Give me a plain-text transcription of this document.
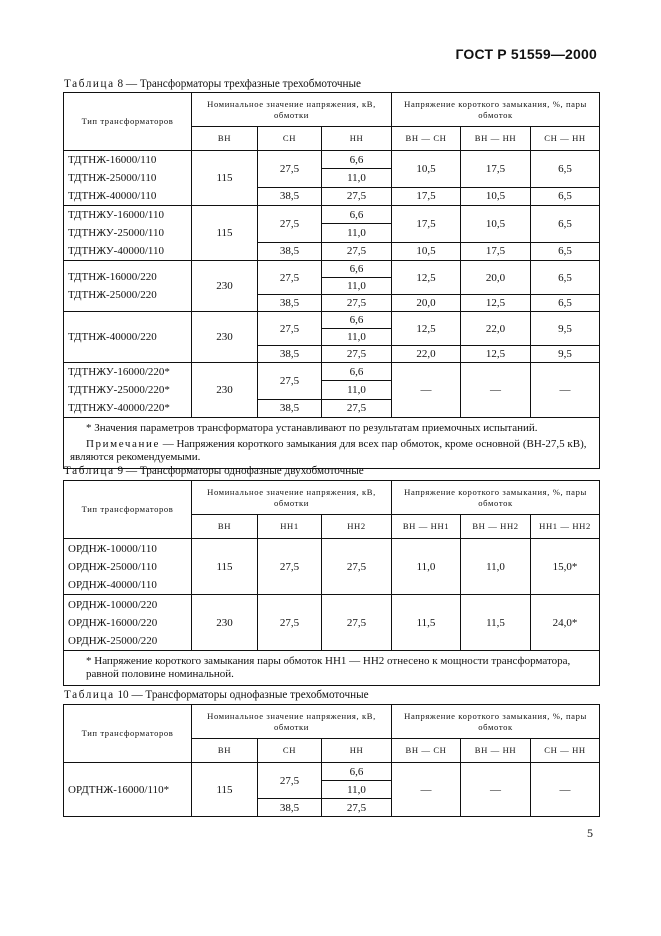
ГОСТ Р 51559—2000
Таблица 8 — Трансформаторы трехфазные трехобмоточные
Тип трансформаторов	Номинальное значение напряжения, кВ, обмотки			Напряжение короткого замыкания, %, пары обмоток		
	ВН	СН	НН	ВН — СН	ВН — НН	СН — НН

ТДТНЖ-16000/110
ТДТНЖ-25000/110
ТДТНЖ-40000/110	115	27,5	6,6	10,5	17,5	6,5
			11,0			
		38,5	27,5	17,5	10,5	6,5

ТДТНЖУ-16000/110
ТДТНЖУ-25000/110
ТДТНЖУ-40000/110	115	27,5	6,6	17,5	10,5	6,5
			11,0			
		38,5	27,5	10,5	17,5	6,5

ТДТНЖ-16000/220
ТДТНЖ-25000/220	230	27,5	6,6	12,5	20,0	6,5
			11,0			
		38,5	27,5	20,0	12,5	6,5

ТДТНЖ-40000/220	230	27,5	6,6	12,5	22,0	9,5
			11,0			
		38,5	27,5	22,0	12,5	9,5

ТДТНЖУ-16000/220*
ТДТНЖУ-25000/220*
ТДТНЖУ-40000/220*	230	27,5	6,6	—	—	—
			11,0			
		38,5	27,5			
* Значения параметров трансформатора устанавливают по результатам приемочных испытаний.
Примечание — Напряжения короткого замыкания для всех пар обмоток, кроме основной (ВН-27,5 кВ), являются рекомендуемыми.						
Таблица 9 — Трансформаторы однофазные двухобмоточные
Тип трансформаторов	Номинальное значение напряжения, кВ, обмотки			Напряжение короткого замыкания, %, пары обмоток		
	ВН	НН1	НН2	ВН — НН1	ВН — НН2	НН1 — НН2

ОРДНЖ-10000/110
ОРДНЖ-25000/110
ОРДНЖ-40000/110	115	27,5	27,5	11,0	11,0	15,0*

ОРДНЖ-10000/220
ОРДНЖ-16000/220
ОРДНЖ-25000/220	230	27,5	27,5	11,5	11,5	24,0*
* Напряжение короткого замыкания пары обмоток НН1 — НН2 отнесено к мощности трансформатора, равной половине номинальной.						
Таблица 10 — Трансформаторы однофазные трехобмоточные
Тип трансформаторов	Номинальное значение напряжения, кВ, обмотки			Напряжение короткого замыкания, %, пары обмоток		
	ВН	СН	НН	ВН — СН	ВН — НН	СН — НН

ОРДТНЖ-16000/110*	115	27,5	6,6	—	—	—
			11,0			
		38,5	27,5			
5
